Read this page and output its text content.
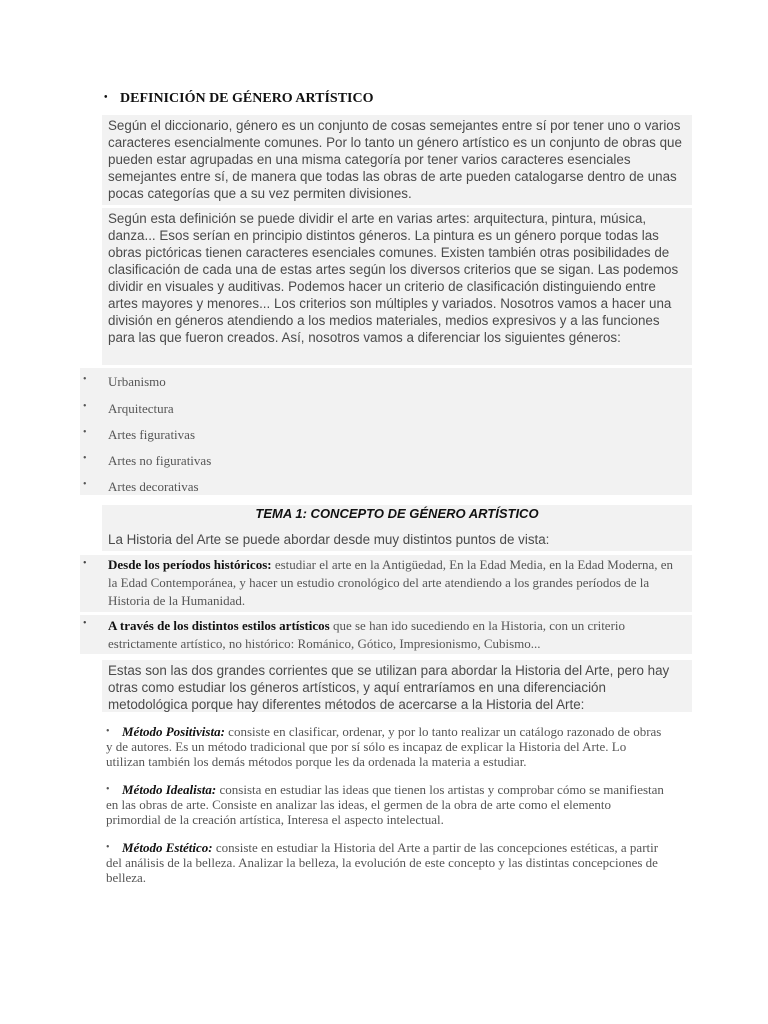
• DEFINICIÓN DE GÉNERO ARTÍSTICO
Según el diccionario, género es un conjunto de cosas semejantes entre sí por tener uno o varios caracteres esencialmente comunes. Por lo tanto un género artístico es un conjunto de obras que pueden estar agrupadas en una misma categoría por tener varios caracteres esenciales semejantes entre sí, de manera que todas las obras de arte pueden catalogarse dentro de unas pocas categorías que a su vez permiten divisiones.
Según esta definición se puede dividir el arte en varias artes: arquitectura, pintura, música, danza... Esos serían en principio distintos géneros. La pintura es un género porque todas las obras pictóricas tienen caracteres esenciales comunes. Existen también otras posibilidades de clasificación de cada una de estas artes según los diversos criterios que se sigan. Las podemos dividir en visuales y auditivas. Podemos hacer un criterio de clasificación distinguiendo entre artes mayores y menores... Los criterios son múltiples y variados. Nosotros vamos a hacer una división en géneros atendiendo a los medios materiales, medios expresivos y a las funciones para las que fueron creados. Así, nosotros vamos a diferenciar los siguientes géneros:
• Urbanismo
• Arquitectura
• Artes figurativas
• Artes no figurativas
• Artes decorativas
TEMA 1: CONCEPTO DE GÉNERO ARTÍSTICO
La Historia del Arte se puede abordar desde muy distintos puntos de vista:
• Desde los períodos históricos: estudiar el arte en la Antigüedad, En la Edad Media, en la Edad Moderna, en la Edad Contemporánea, y hacer un estudio cronológico del arte atendiendo a los grandes períodos de la Historia de la Humanidad.
• A través de los distintos estilos artísticos que se han ido sucediendo en la Historia, con un criterio estrictamente artístico, no histórico: Románico, Gótico, Impresionismo, Cubismo...
Estas son las dos grandes corrientes que se utilizan para abordar la Historia del Arte, pero hay otras como estudiar los géneros artísticos, y aquí entraríamos en una diferenciación metodológica porque hay diferentes métodos de acercarse a la Historia del Arte:
• Método Positivista: consiste en clasificar, ordenar, y por lo tanto realizar un catálogo razonado de obras y de autores. Es un método tradicional que por sí sólo es incapaz de explicar la Historia del Arte. Lo utilizan también los demás métodos porque les da ordenada la materia a estudiar.
• Método Idealista: consista en estudiar las ideas que tienen los artistas y comprobar cómo se manifiestan en las obras de arte. Consiste en analizar las ideas, el germen de la obra de arte como el elemento primordial de la creación artística, Interesa el aspecto intelectual.
• Método Estético: consiste en estudiar la Historia del Arte a partir de las concepciones estéticas, a partir del análisis de la belleza. Analizar la belleza, la evolución de este concepto y las distintas concepciones de belleza.
